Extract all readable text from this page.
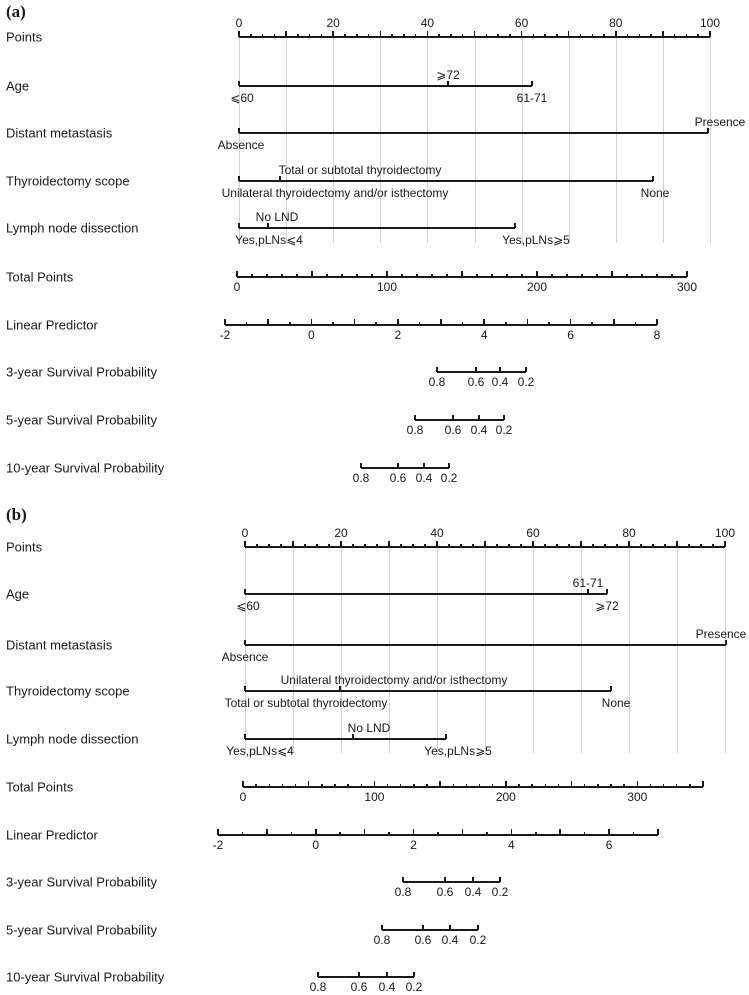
(a)
Points
0	20	40	60	80	100
Age
⩾72
⩽60	61-71
Distant metastasis
Presence
Absence
Thyroidectomy scope
Total or subtotal thyroidectomy
Unilateral thyroidectomy and/or isthectomy	None
Lymph node dissection
No LND
Yes,pLNs⩽4	Yes,pLNs⩾5
Total Points
0	100	200	300
Linear Predictor
-2	0	2	4	6	8
3-year Survival Probability
0.8 0.6 0.4 0.2
5-year Survival Probability
0.8 0.6 0.4 0.2
10-year Survival Probability
0.8 0.6 0.4 0.2
(b)
Points
0	20	40	60	80	100
Age
61-71
⩽60	⩾72
Distant metastasis
Presence
Absence
Thyroidectomy scope
Unilateral thyroidectomy and/or isthectomy
Total or subtotal thyroidectomy	None
Lymph node dissection
No LND
Yes,pLNs⩽4	Yes,pLNs⩾5
Total Points
0	100	200	300
Linear Predictor
-2	0	2	4	6
3-year Survival Probability
0.8 0.6 0.4 0.2
5-year Survival Probability
0.8 0.6 0.4 0.2
10-year Survival Probability
0.8 0.6 0.4 0.2
